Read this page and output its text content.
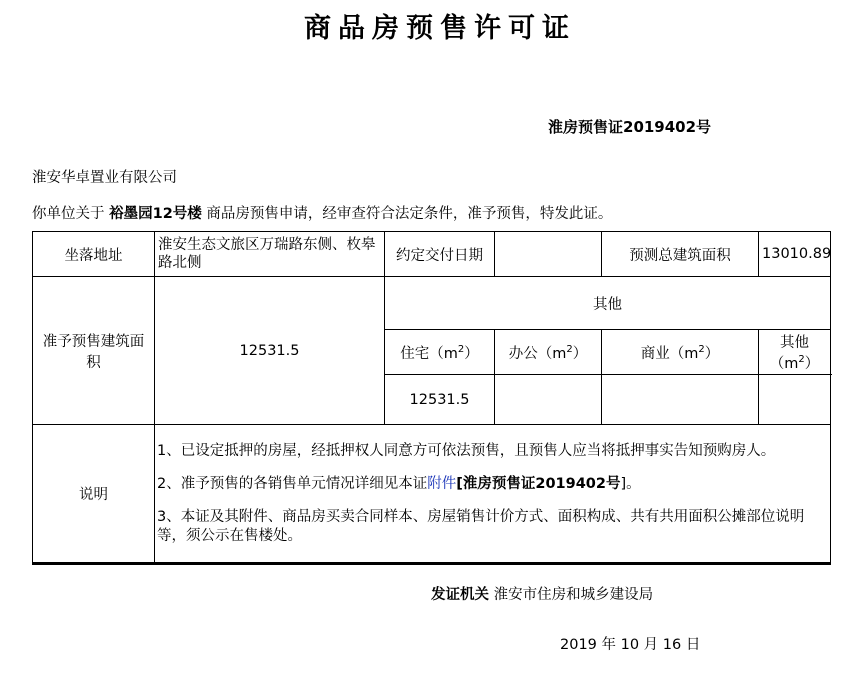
商品房预售许可证
淮房预售证2019402号
淮安华卓置业有限公司
你单位关于 裕墨园12号楼 商品房预售申请，经审查符合法定条件，准予预售，特发此证。
坐落地址	淮安生态文旅区万瑞路东侧、枚皋路北侧	约定交付日期		预测总建筑面积	13010.89
准予预售建筑面积	12531.5	其他			
		住宅$(m^2)$	办公$(m^2)$	商业$(m^2)$	其他$(m^2)$
		12531.5			
说明	1、已设定抵押的房屋，经抵押权人同意方可依法预售，且预售人应当将抵押事实告知预购房人。

2、准予预售的各销售单元情况详细见本证附件[淮房预售证2019402号]。

3、本证及其附件、商品房买卖合同样本、房屋销售计价方式、面积构成、共有共用面积公摊部位说明等，须公示在售楼处。				

发证机关 淮安市住房和城乡建设局
2019 年 10 月 16 日
